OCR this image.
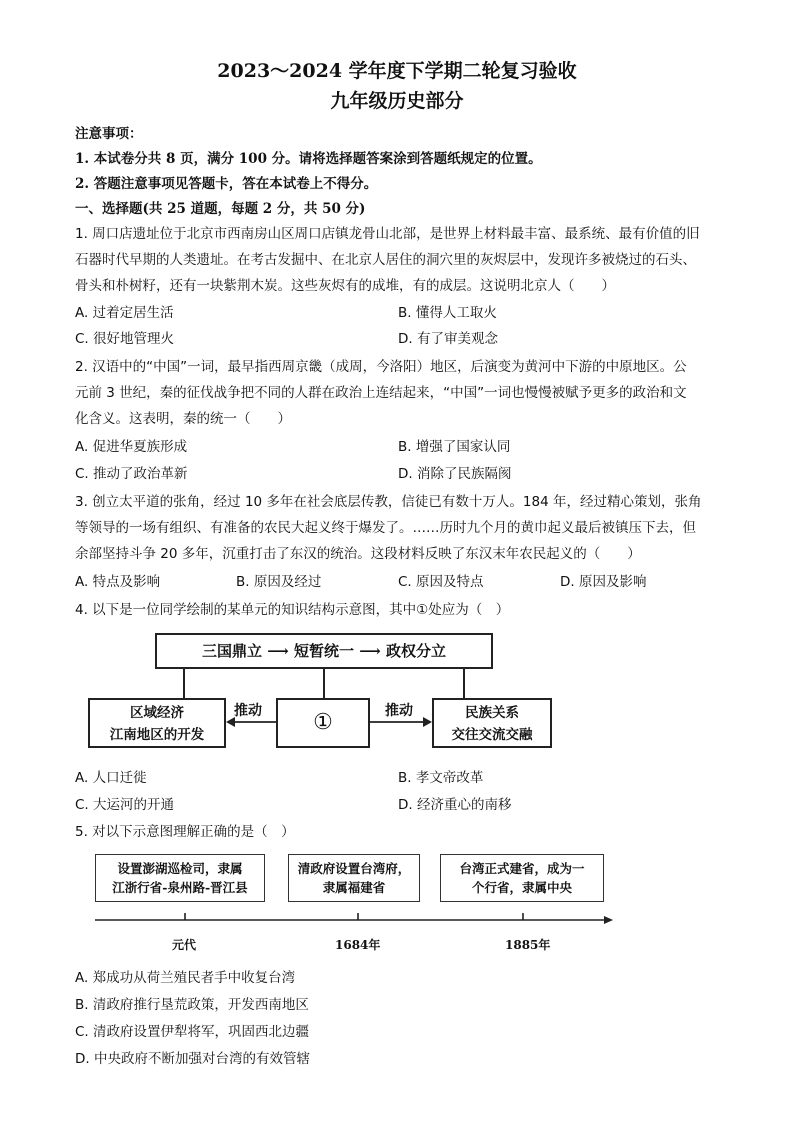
2023～2024 学年度下学期二轮复习验收
九年级历史部分
注意事项：
1. 本试卷分共 8 页，满分 100 分。请将选择题答案涂到答题纸规定的位置。
2. 答题注意事项见答题卡，答在本试卷上不得分。
一、选择题(共 25 道题，每题 2 分，共 50 分)
1. 周口店遗址位于北京市西南房山区周口店镇龙骨山北部，是世界上材料最丰富、最系统、最有价值的旧
石器时代早期的人类遗址。在考古发掘中、在北京人居住的洞穴里的灰烬层中，发现许多被烧过的石头、
骨头和朴树籽，还有一块紫荆木炭。这些灰烬有的成堆，有的成层。这说明北京人（　　）
A. 过着定居生活	B. 懂得人工取火
C. 很好地管理火	D. 有了审美观念
2. 汉语中的“中国”一词，最早指西周京畿（成周，今洛阳）地区，后演变为黄河中下游的中原地区。公
元前 3 世纪，秦的征伐战争把不同的人群在政治上连结起来，“中国”一词也慢慢被赋予更多的政治和文
化含义。这表明，秦的统一（　　）
A. 促进华夏族形成	B. 增强了国家认同
C. 推动了政治革新	D. 消除了民族隔阂
3. 创立太平道的张角，经过 10 多年在社会底层传教，信徒已有数十万人。184 年，经过精心策划，张角
等领导的一场有组织、有准备的农民大起义终于爆发了。……历时九个月的黄巾起义最后被镇压下去，但
余部坚持斗争 20 多年，沉重打击了东汉的统治。这段材料反映了东汉末年农民起义的（　　）
A. 特点及影响	B. 原因及经过	C. 原因及特点	D. 原因及影响
4. 以下是一位同学绘制的某单元的知识结构示意图，其中①处应为（　）
三国鼎立 ⟶ 短暂统一 ⟶ 政权分立
区域经济
江南地区的开发	①	民族关系
交往交流交融
推动	推动
A. 人口迁徙	B. 孝文帝改革
C. 大运河的开通	D. 经济重心的南移
5. 对以下示意图理解正确的是（　）
设置澎湖巡检司，隶属
江浙行省-泉州路-晋江县
清政府设置台湾府，
隶属福建省
台湾正式建省，成为一
个行省，隶属中央
元代	1684年	1885年
A. 郑成功从荷兰殖民者手中收复台湾
B. 清政府推行垦荒政策，开发西南地区
C. 清政府设置伊犁将军，巩固西北边疆
D. 中央政府不断加强对台湾的有效管辖
